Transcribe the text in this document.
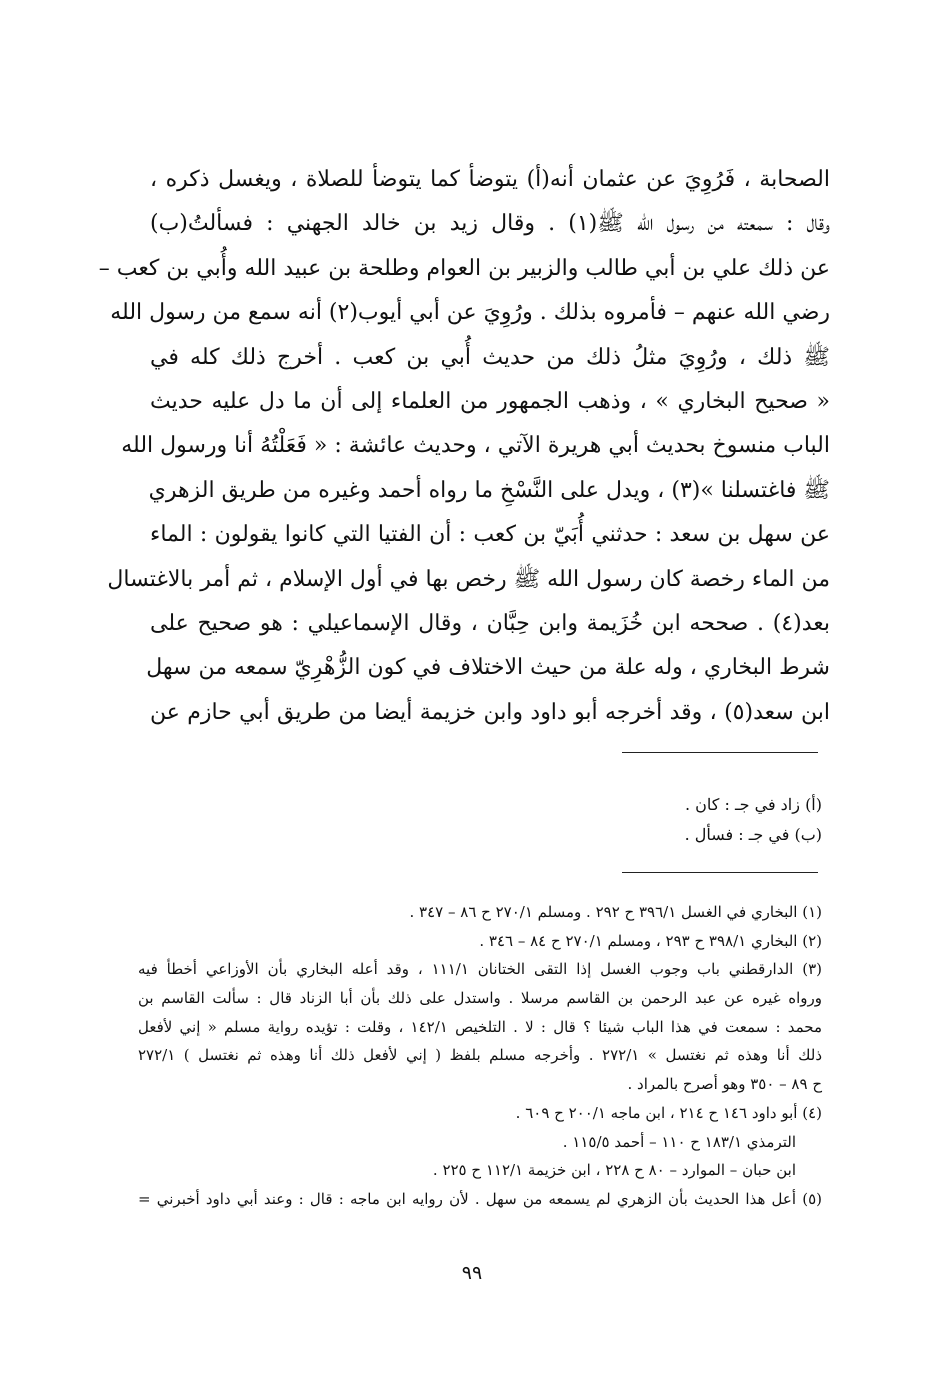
الصحابة ، فَرُوِيَ عن عثمان أنه(أ) يتوضأ كما يتوضأ للصلاة ، ويغسل ذكره ،
وقال : سمعته من رسول الله ﷺ(١) . وقال زيد بن خالد الجهني : فسألتُ(ب)
عن ذلك علي بن أبي طالب والزبير بن العوام وطلحة بن عبيد الله وأُبي بن كعب –
رضي الله عنهم – فأمروه بذلك . ورُوِيَ عن أبي أيوب(٢) أنه سمع من رسول الله
ﷺ ذلك ، ورُوِيَ مثلُ ذلك من حديث أُبي بن كعب . أخرج ذلك كله في
« صحيح البخاري » ، وذهب الجمهور من العلماء إلى أن ما دل عليه حديث
الباب منسوخ بحديث أبي هريرة الآتي ، وحديث عائشة : « فَعَلْتُهُ أنا ورسول الله
ﷺ فاغتسلنا »(٣) ، ويدل على النَّسْخِ ما رواه أحمد وغيره من طريق الزهري
عن سهل بن سعد : حدثني أُبَيّ بن كعب : أن الفتيا التي كانوا يقولون : الماء
من الماء رخصة كان رسول الله ﷺ رخص بها في أول الإسلام ، ثم أمر بالاغتسال
بعد(٤) . صححه ابن خُزَيمة وابن حِبَّان ، وقال الإسماعيلي : هو صحيح على
شرط البخاري ، وله علة من حيث الاختلاف في كون الزُّهْرِيّ سمعه من سهل
ابن سعد(٥) ، وقد أخرجه أبو داود وابن خزيمة أيضا من طريق أبي حازم عن
(أ) زاد في جـ : كان .
(ب) في جـ : فسأل .
(١) البخاري في الغسل ٣٩٦/١ ح ٢٩٢ . ومسلم ٢٧٠/١ ح ٨٦ – ٣٤٧ .
(٢) البخاري ٣٩٨/١ ح ٢٩٣ ، ومسلم ٢٧٠/١ ح ٨٤ – ٣٤٦ .
(٣) الدارقطني باب وجوب الغسل إذا التقى الختانان ١١١/١ ، وقد أعله البخاري بأن الأوزاعي أخطأ فيه
ورواه غيره عن عبد الرحمن بن القاسم مرسلا . واستدل على ذلك بأن أبا الزناد قال : سألت القاسم بن
محمد : سمعت في هذا الباب شيئا ؟ قال : لا . التلخيص ١٤٢/١ ، وقلت : تؤيده رواية مسلم « إني لأفعل
ذلك أنا وهذه ثم نغتسل » ٢٧٢/١ . وأخرجه مسلم بلفظ ( إني لأفعل ذلك أنا وهذه ثم نغتسل ) ٢٧٢/١
ح ٨٩ – ٣٥٠ وهو أصرح بالمراد .
(٤) أبو داود ١٤٦ ح ٢١٤ ، ابن ماجه ٢٠٠/١ ح ٦٠٩ .
الترمذي ١٨٣/١ ح ١١٠ – أحمد ١١٥/٥ .
ابن حبان – الموارد – ٨٠ ح ٢٢٨ ، ابن خزيمة ١١٢/١ ح ٢٢٥ .
(٥) أعل هذا الحديث بأن الزهري لم يسمعه من سهل . لأن روايه ابن ماجه : قال : وعند أبي داود أخبرني =
٩٩
